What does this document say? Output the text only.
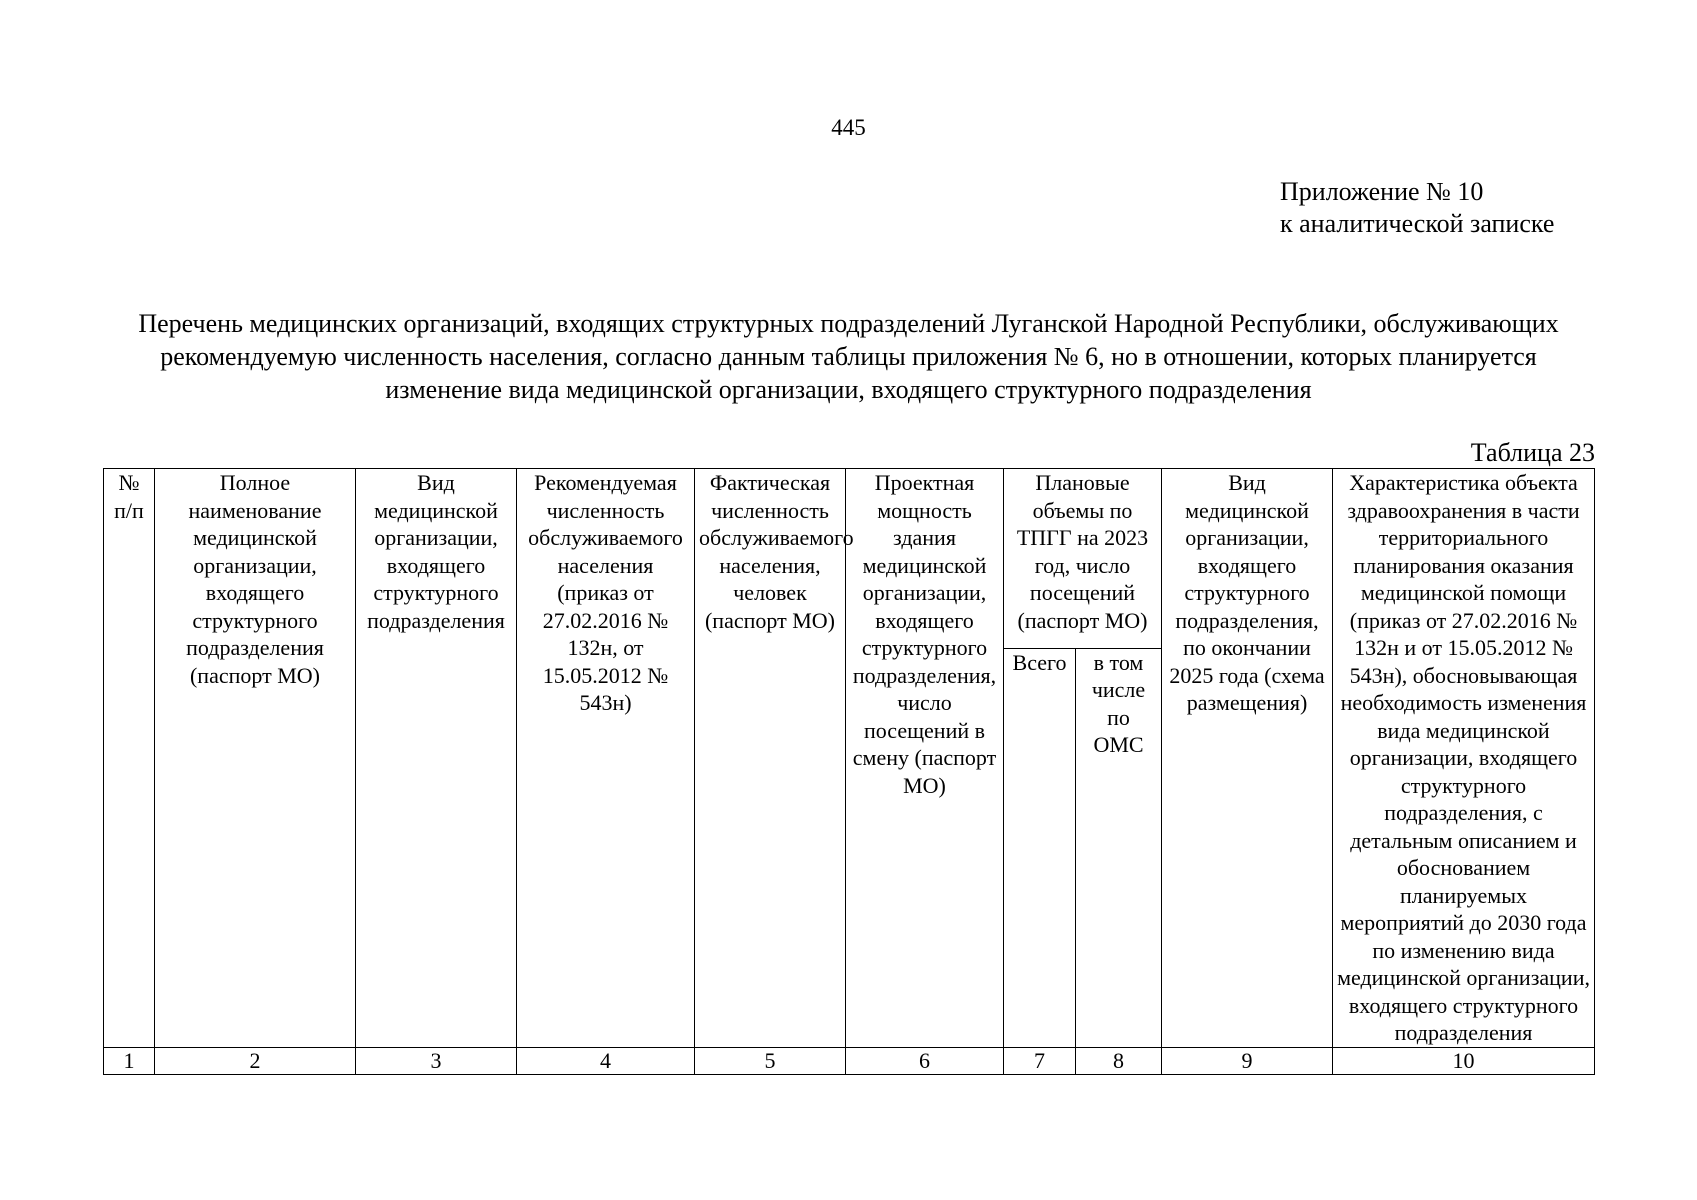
445
Приложение № 10
к аналитической записке
Перечень медицинских организаций, входящих структурных подразделений Луганской Народной Республики, обслуживающих рекомендуемую численность населения, согласно данным таблицы приложения № 6, но в отношении, которых планируется изменение вида медицинской организации, входящего структурного подразделения
Таблица 23
№ п/п	Полное наименование медицинской организации, входящего структурного подразделения (паспорт МО)	Вид медицинской организации, входящего структурного подразделения	Рекомендуемая численность обслуживаемого населения (приказ от 27.02.2016 № 132н, от 15.05.2012 № 543н)	Фактическая численность обслуживаемого населения, человек (паспорт МО)	Проектная мощность здания медицинской организации, входящего структурного подразделения, число посещений в смену (паспорт МО)	Плановые объемы по ТПГГ на 2023 год, число посещений (паспорт МО)		Вид медицинской организации, входящего структурного подразделения, по окончании 2025 года (схема размещения)	Характеристика объекта здравоохранения в части территориального планирования оказания медицинской помощи (приказ от 27.02.2016 № 132н и от 15.05.2012 № 543н), обосновывающая необходимость изменения вида медицинской организации, входящего структурного подразделения, с детальным описанием и обоснованием планируемых мероприятий до 2030 года по изменению вида медицинской организации, входящего структурного подразделения
						Всего	в том числе по ОМС		
1	2	3	4	5	6	7	8	9	10
